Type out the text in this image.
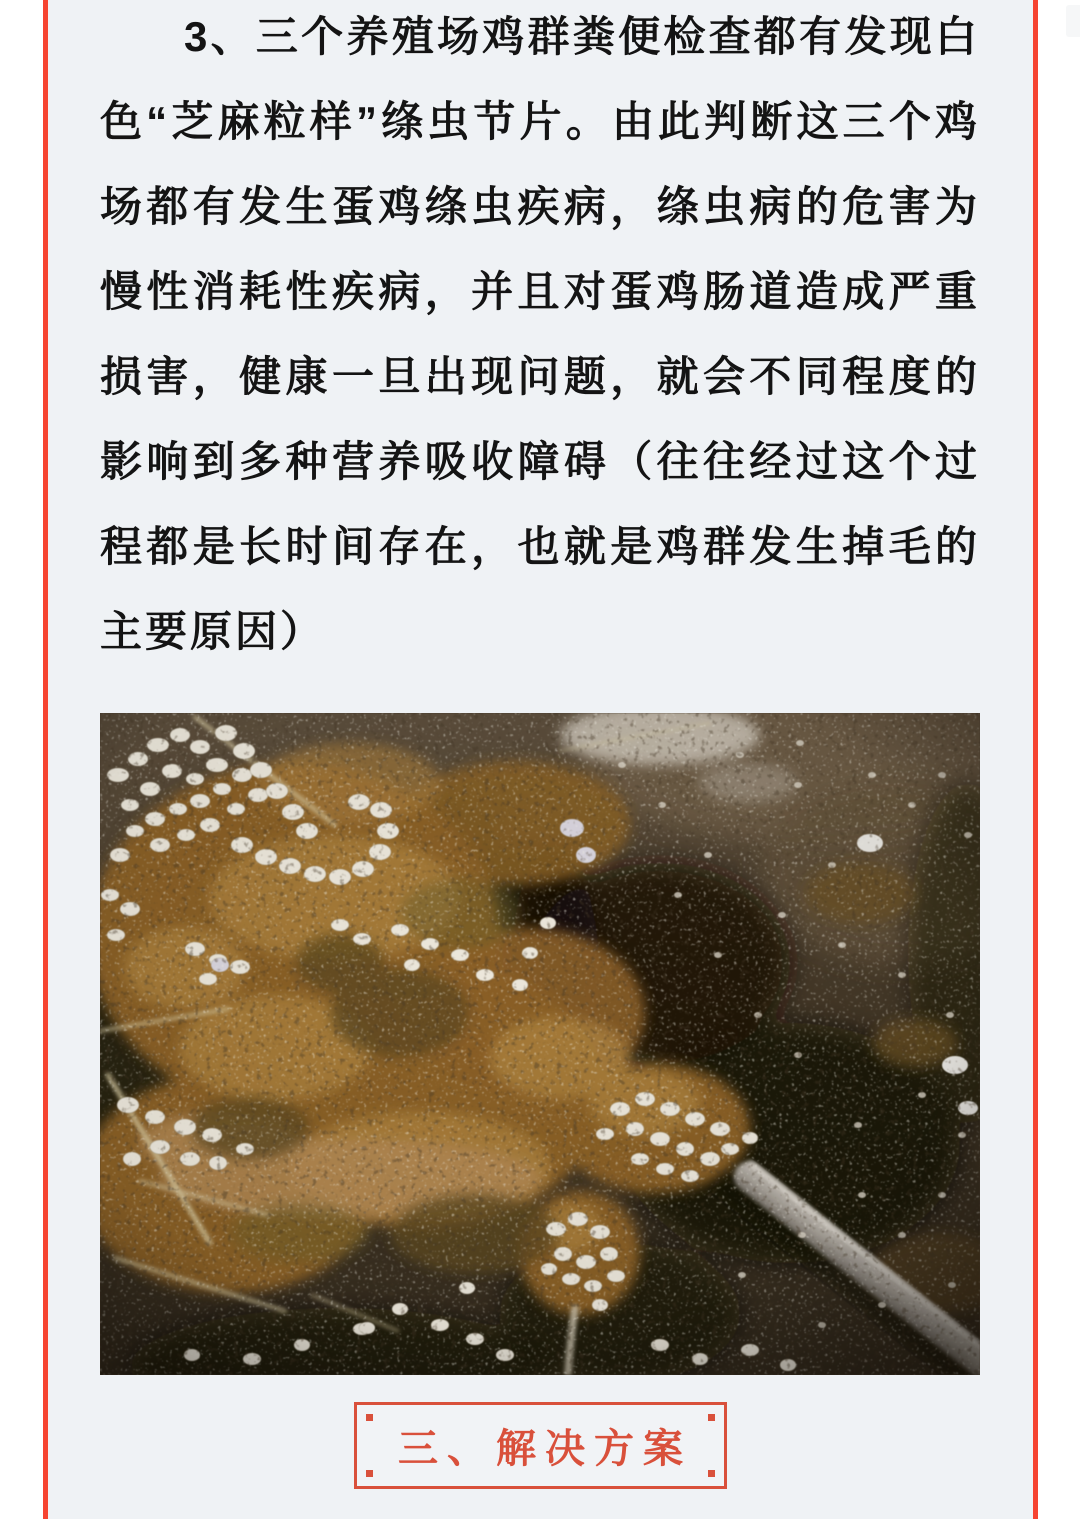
3、三个养殖场鸡群粪便检查都有发现白色“芝麻粒样”绦虫节片。由此判断这三个鸡场都有发生蛋鸡绦虫疾病，绦虫病的危害为慢性消耗性疾病，并且对蛋鸡肠道造成严重损害，健康一旦出现问题，就会不同程度的影响到多种营养吸收障碍（往往经过这个过程都是长时间存在，也就是鸡群发生掉毛的主要原因）

三、解决方案
